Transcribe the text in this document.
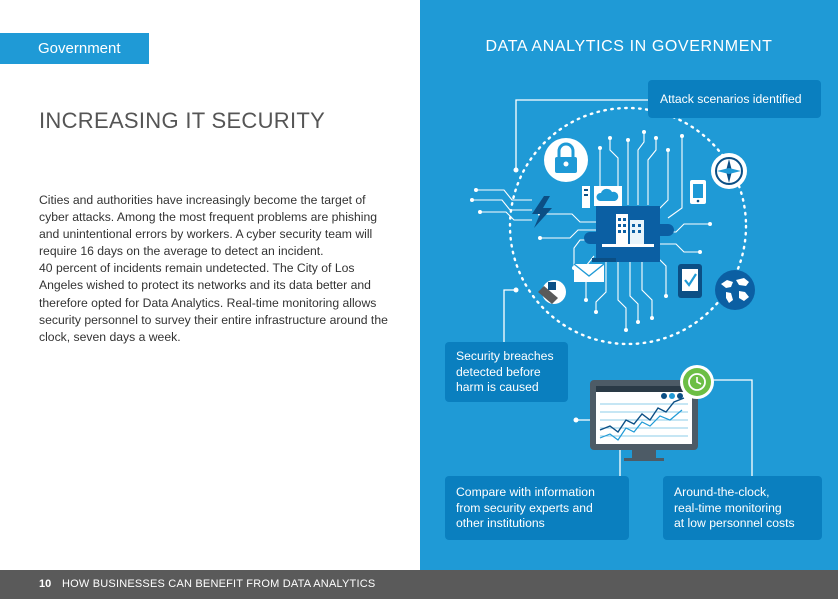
Government
INCREASING IT SECURITY

Cities and authorities have increasingly become the target of cyber attacks. Among the most frequent problems are phishing and unintentional errors by workers. A cyber security team will require 16 days on the average to detect an incident.

40 percent of incidents remain undetected. The City of Los Angeles wished to protect its networks and its data better and therefore opted for Data Analytics. Real-time monitoring allows security personnel to survey their entire infrastructure around the clock, seven days a week.

DATA ANALYTICS IN GOVERNMENT
Attack scenarios identified
Security breaches
detected before
harm is caused
Compare with information
from security experts and
other institutions
Around-the-clock,
real-time monitoring
at low personnel costs
10 HOW BUSINESSES CAN BENEFIT FROM DATA ANALYTICS
